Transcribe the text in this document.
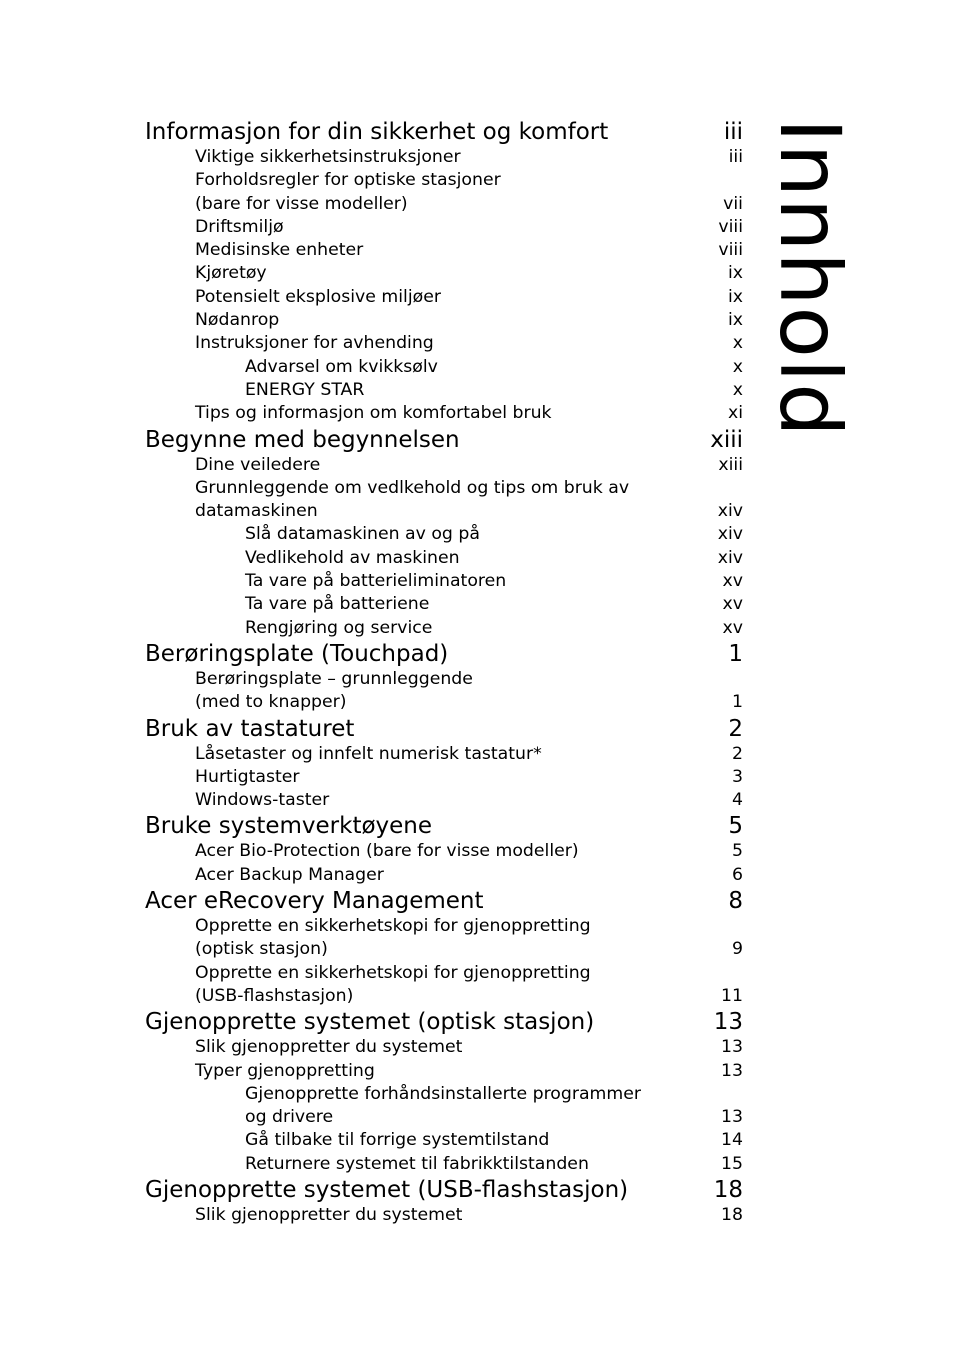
Innhold
Informasjon for din sikkerhet og komfort	iii
Viktige sikkerhetsinstruksjoner	iii
Forholdsregler for optiske stasjoner
(bare for visse modeller)	vii
Driftsmiljø	viii
Medisinske enheter	viii
Kjøretøy	ix
Potensielt eksplosive miljøer	ix
Nødanrop	ix
Instruksjoner for avhending	x
Advarsel om kvikksølv	x
ENERGY STAR	x
Tips og informasjon om komfortabel bruk	xi
Begynne med begynnelsen	xiii
Dine veiledere	xiii
Grunnleggende om vedlkehold og tips om bruk av
datamaskinen	xiv
Slå datamaskinen av og på	xiv
Vedlikehold av maskinen	xiv
Ta vare på batterieliminatoren	xv
Ta vare på batteriene	xv
Rengjøring og service	xv
Berøringsplate (Touchpad)	1
Berøringsplate – grunnleggende
(med to knapper)	1
Bruk av tastaturet	2
Låsetaster og innfelt numerisk tastatur*	2
Hurtigtaster	3
Windows-taster	4
Bruke systemverktøyene	5
Acer Bio-Protection (bare for visse modeller)	5
Acer Backup Manager	6
Acer eRecovery Management	8
Opprette en sikkerhetskopi for gjenoppretting
(optisk stasjon)	9
Opprette en sikkerhetskopi for gjenoppretting
(USB-flashstasjon)	11
Gjenopprette systemet (optisk stasjon)	13
Slik gjenoppretter du systemet	13
Typer gjenoppretting	13
Gjenopprette forhåndsinstallerte programmer
og drivere	13
Gå tilbake til forrige systemtilstand	14
Returnere systemet til fabrikktilstanden	15
Gjenopprette systemet (USB-flashstasjon)	18
Slik gjenoppretter du systemet	18
